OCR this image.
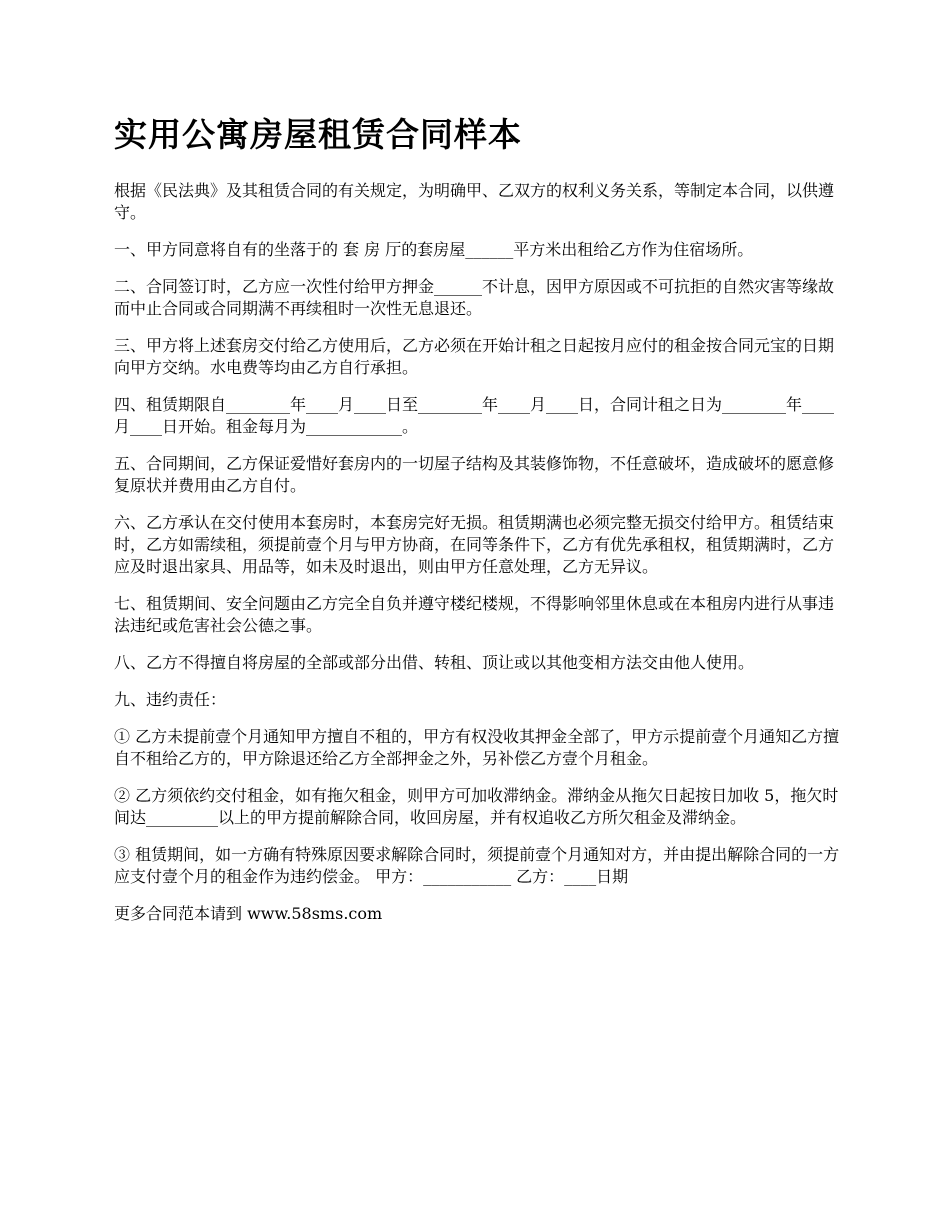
实用公寓房屋租赁合同样本

根据《民法典》及其租赁合同的有关规定，为明确甲、乙双方的权利义务关系，等制定本合同，以供遵守。

一、甲方同意将自有的坐落于的 套 房 厅的套房屋______平方米出租给乙方作为住宿场所。

二、合同签订时，乙方应一次性付给甲方押金______不计息，因甲方原因或不可抗拒的自然灾害等缘故而中止合同或合同期满不再续租时一次性无息退还。

三、甲方将上述套房交付给乙方使用后，乙方必须在开始计租之日起按月应付的租金按合同元宝的日期向甲方交纳。水电费等均由乙方自行承担。

四、租赁期限自________年____月____日至________年____月____日，合同计租之日为________年____月____日开始。租金每月为____________。

五、合同期间，乙方保证爱惜好套房内的一切屋子结构及其装修饰物，不任意破坏，造成破坏的愿意修复原状并费用由乙方自付。

六、乙方承认在交付使用本套房时，本套房完好无损。租赁期满也必须完整无损交付给甲方。租赁结束时，乙方如需续租，须提前壹个月与甲方协商，在同等条件下，乙方有优先承租权，租赁期满时，乙方 应及时退出家具、用品等，如未及时退出，则由甲方任意处理，乙方无异议。

七、租赁期间、安全问题由乙方完全自负并遵守楼纪楼规，不得影响邻里休息或在本租房内进行从事违法违纪或危害社会公德之事。

八、乙方不得擅自将房屋的全部或部分出借、转租、顶让或以其他变相方法交由他人使用。

九、违约责任：

① 乙方未提前壹个月通知甲方擅自不租的，甲方有权没收其押金全部了，甲方示提前壹个月通知乙方擅自不租给乙方的，甲方除退还给乙方全部押金之外，另补偿乙方壹个月租金。

② 乙方须依约交付租金，如有拖欠租金，则甲方可加收滞纳金。滞纳金从拖欠日起按日加收 5，拖欠时间达_________以上的甲方提前解除合同，收回房屋，并有权追收乙方所欠租金及滞纳金。

③ 租赁期间，如一方确有特殊原因要求解除合同时，须提前壹个月通知对方，并由提出解除合同的一方应支付壹个月的租金作为违约偿金。 甲方：___________ 乙方：____日期

更多合同范本请到 www.58sms.com
